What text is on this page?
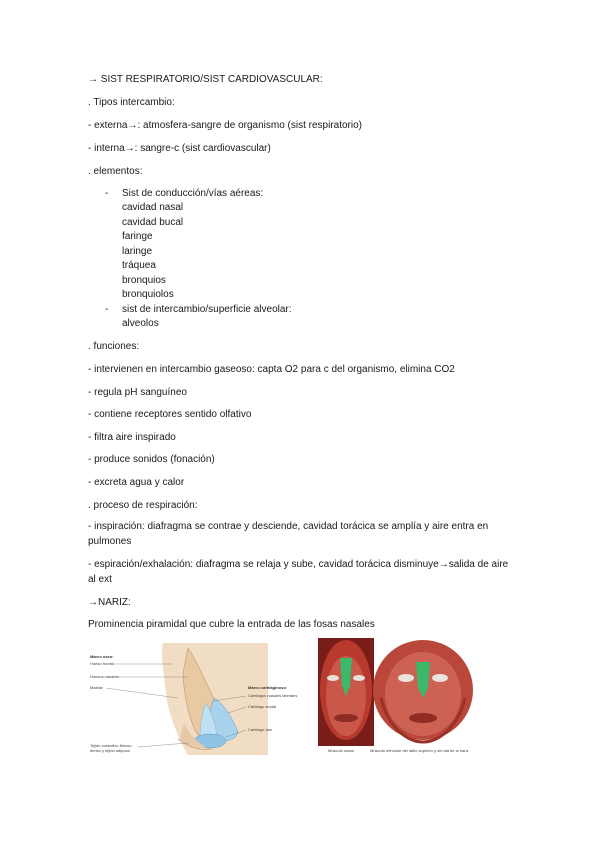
→ SIST RESPIRATORIO/SIST CARDIOVASCULAR:
. Tipos intercambio:
- externa→: atmosfera-sangre de organismo (sist respiratorio)
- interna→: sangre-c (sist cardiovascular)
. elementos:
- Sist de conducción/vías aéreas:
cavidad nasal
cavidad bucal
faringe
laringe
tráquea
bronquios
bronquiolos
- sist de intercambio/superficie alveolar:
alveolos
. funciones:
- intervienen en intercambio gaseoso: capta O2 para c del organismo, elimina CO2
- regula pH sanguíneo
- contiene receptores sentido olfativo
- filtra aire inspirado
- produce sonidos (fonación)
- excreta agua y calor
. proceso de respiración:
- inspiración: diafragma se contrae y desciende, cavidad torácica se amplía y aire entra en pulmones
- espiración/exhalación: diafragma se relaja y sube, cavidad torácica disminuye→salida de aire al ext
→NARIZ:
Prominencia piramidal que cubre la entrada de las fosas nasales
Marco óseo:
Hueso frontal
Huesos nasales
Maxilar	Marco cartilaginoso:
Cartílagos nasales laterales
Cartílago septal
Cartílago alar
Tejido conectivo fibroso
denso y tejido adiposo	Músculo nasal	Músculo elevador del labio superior y del ala de la nariz
